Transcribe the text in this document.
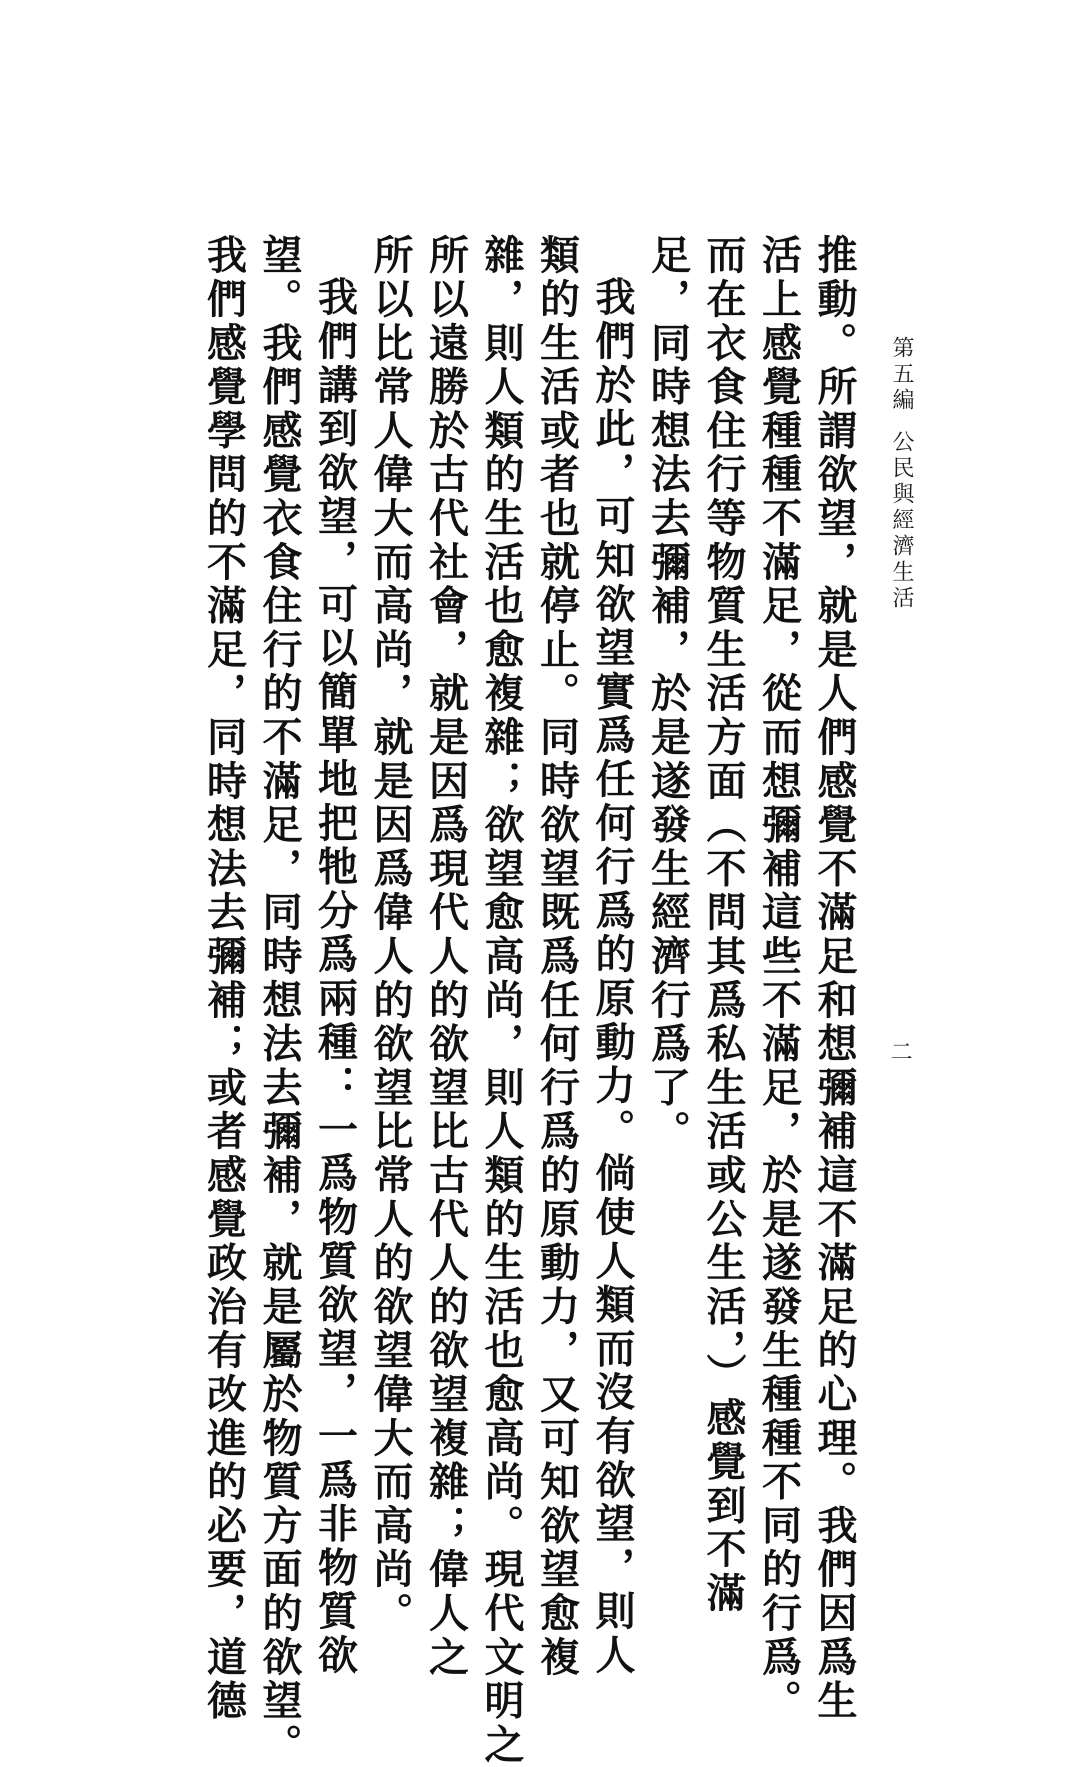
第五編公民與經濟生活
二
推動。所謂欲望，就是人們感覺不滿足和想彌補這不滿足的心理。我們因爲生
活上感覺種種不滿足，從而想彌補這些不滿足，於是遂發生種種不同的行爲。
而在衣食住行等物質生活方面（不問其爲私生活或公生活，）感覺到不滿
足，同時想法去彌補，於是遂發生經濟行爲了。
我們於此，可知欲望實爲任何行爲的原動力。倘使人類而沒有欲望，則人
類的生活或者也就停止。同時欲望既爲任何行爲的原動力，又可知欲望愈複
雜，則人類的生活也愈複雜；欲望愈高尚，則人類的生活也愈高尚。現代文明之
所以遠勝於古代社會，就是因爲現代人的欲望比古代人的欲望複雜；偉人之
所以比常人偉大而高尚，就是因爲偉人的欲望比常人的欲望偉大而高尚。
我們講到欲望，可以簡單地把牠分爲兩種：一爲物質欲望，一爲非物質欲
望。我們感覺衣食住行的不滿足，同時想法去彌補，就是屬於物質方面的欲望。
我們感覺學問的不滿足，同時想法去彌補；或者感覺政治有改進的必要，道德
